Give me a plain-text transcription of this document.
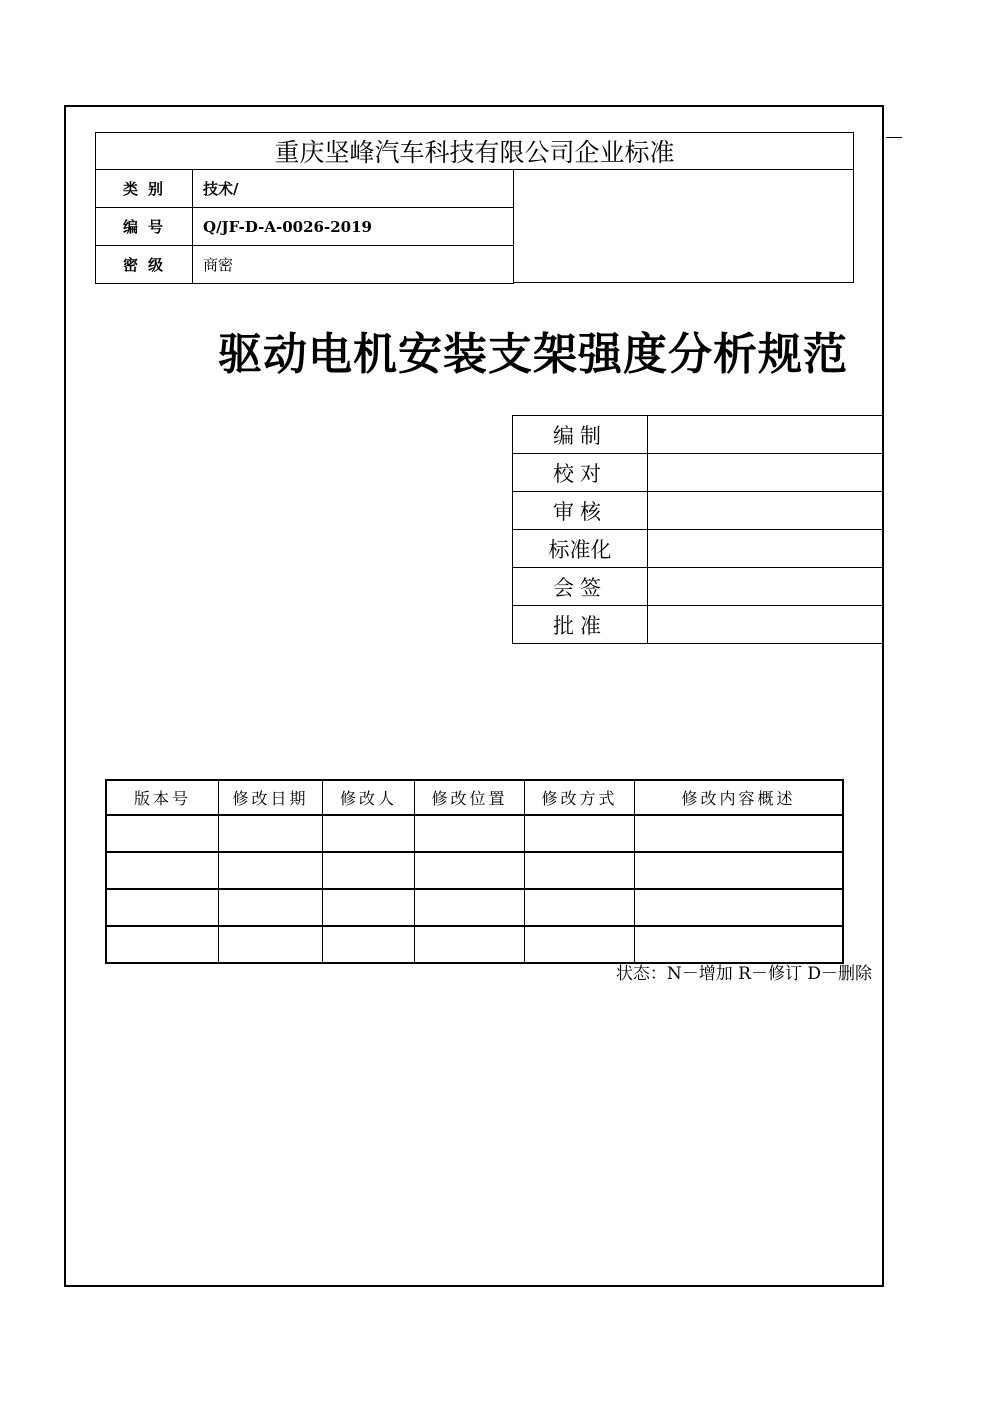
重庆坚峰汽车科技有限公司企业标准
类别	技术/
编号	Q/JF-D-A-0026-2019
密级	商密
驱动电机安装支架强度分析规范
编制	
校对	
审核	
标准化	
会签	
批准	
版本号	修改日期	修改人	修改位置	修改方式	修改内容概述

状态：N－增加 R－修订 D－删除
